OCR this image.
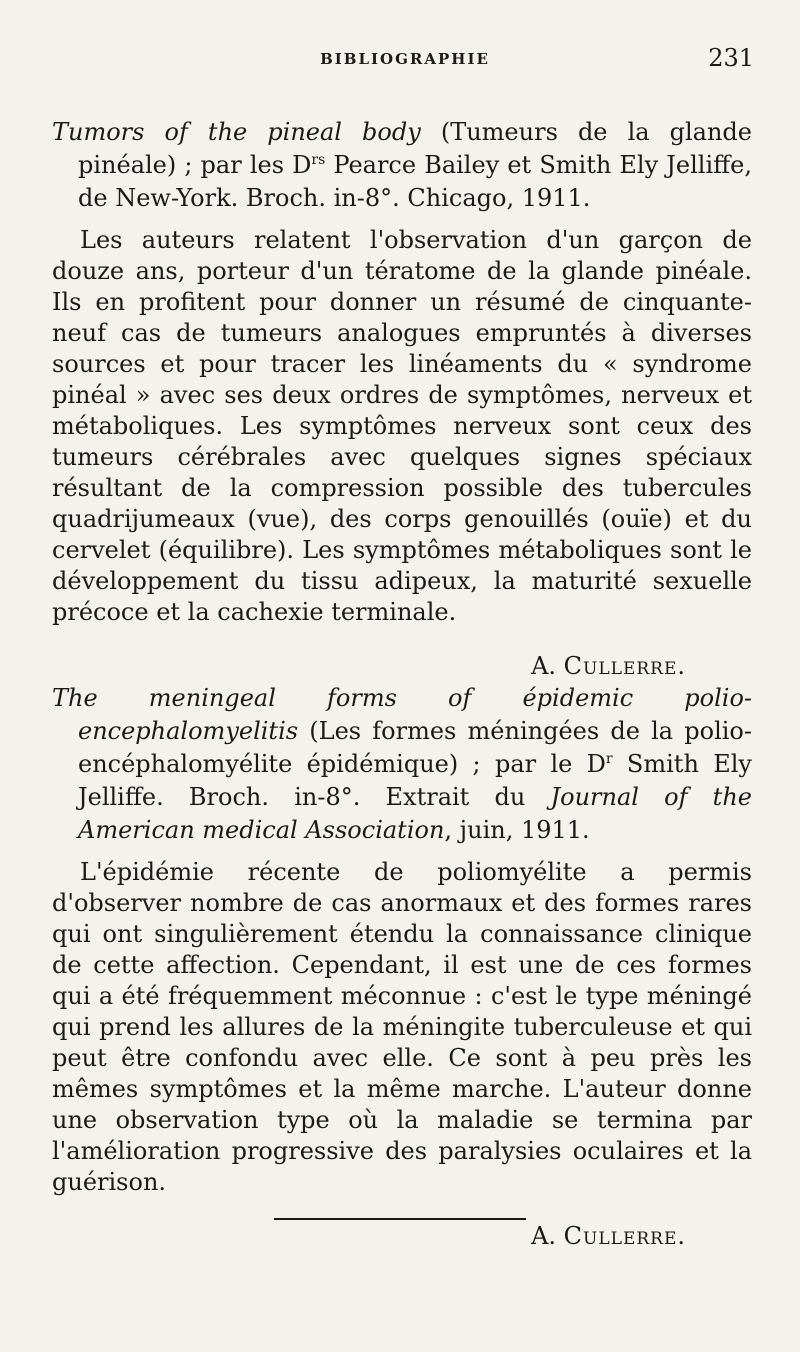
BIBLIOGRAPHIE	231
Tumors of the pineal body (Tumeurs de la glande pinéale) ; par les $D^{rs}$ Pearce Bailey et Smith Ely Jelliffe, de New-York. Broch. in-8°. Chicago, 1911.

Les auteurs relatent l'observation d'un garçon de douze ans, porteur d'un tératome de la glande pinéale. Ils en profitent pour donner un résumé de cinquante-neuf cas de tumeurs analogues empruntés à diverses sources et pour tracer les linéaments du « syndrome pinéal » avec ses deux ordres de symptômes, nerveux et métaboliques. Les symptômes nerveux sont ceux des tumeurs cérébrales avec quelques signes spéciaux résultant de la compression possible des tubercules quadrijumeaux (vue), des corps genouillés (ouïe) et du cervelet (équilibre). Les symptômes métaboliques sont le développement du tissu adipeux, la maturité sexuelle précoce et la cachexie terminale.

A. Cullerre.
The meningeal forms of épidemic polio-encephalomyelitis (Les formes méningées de la polio-encéphalomyélite épidémique) ; par le $D^r$ Smith Ely Jelliffe. Broch. in-8°. Extrait du Journal of the American medical Association, juin, 1911.

L'épidémie récente de poliomyélite a permis d'observer nombre de cas anormaux et des formes rares qui ont singulièrement étendu la connaissance clinique de cette affection. Cependant, il est une de ces formes qui a été fréquemment méconnue : c'est le type méningé qui prend les allures de la méningite tuberculeuse et qui peut être confondu avec elle. Ce sont à peu près les mêmes symptômes et la même marche. L'auteur donne une observation type où la maladie se termina par l'amélioration progressive des paralysies oculaires et la guérison.

A. Cullerre.
